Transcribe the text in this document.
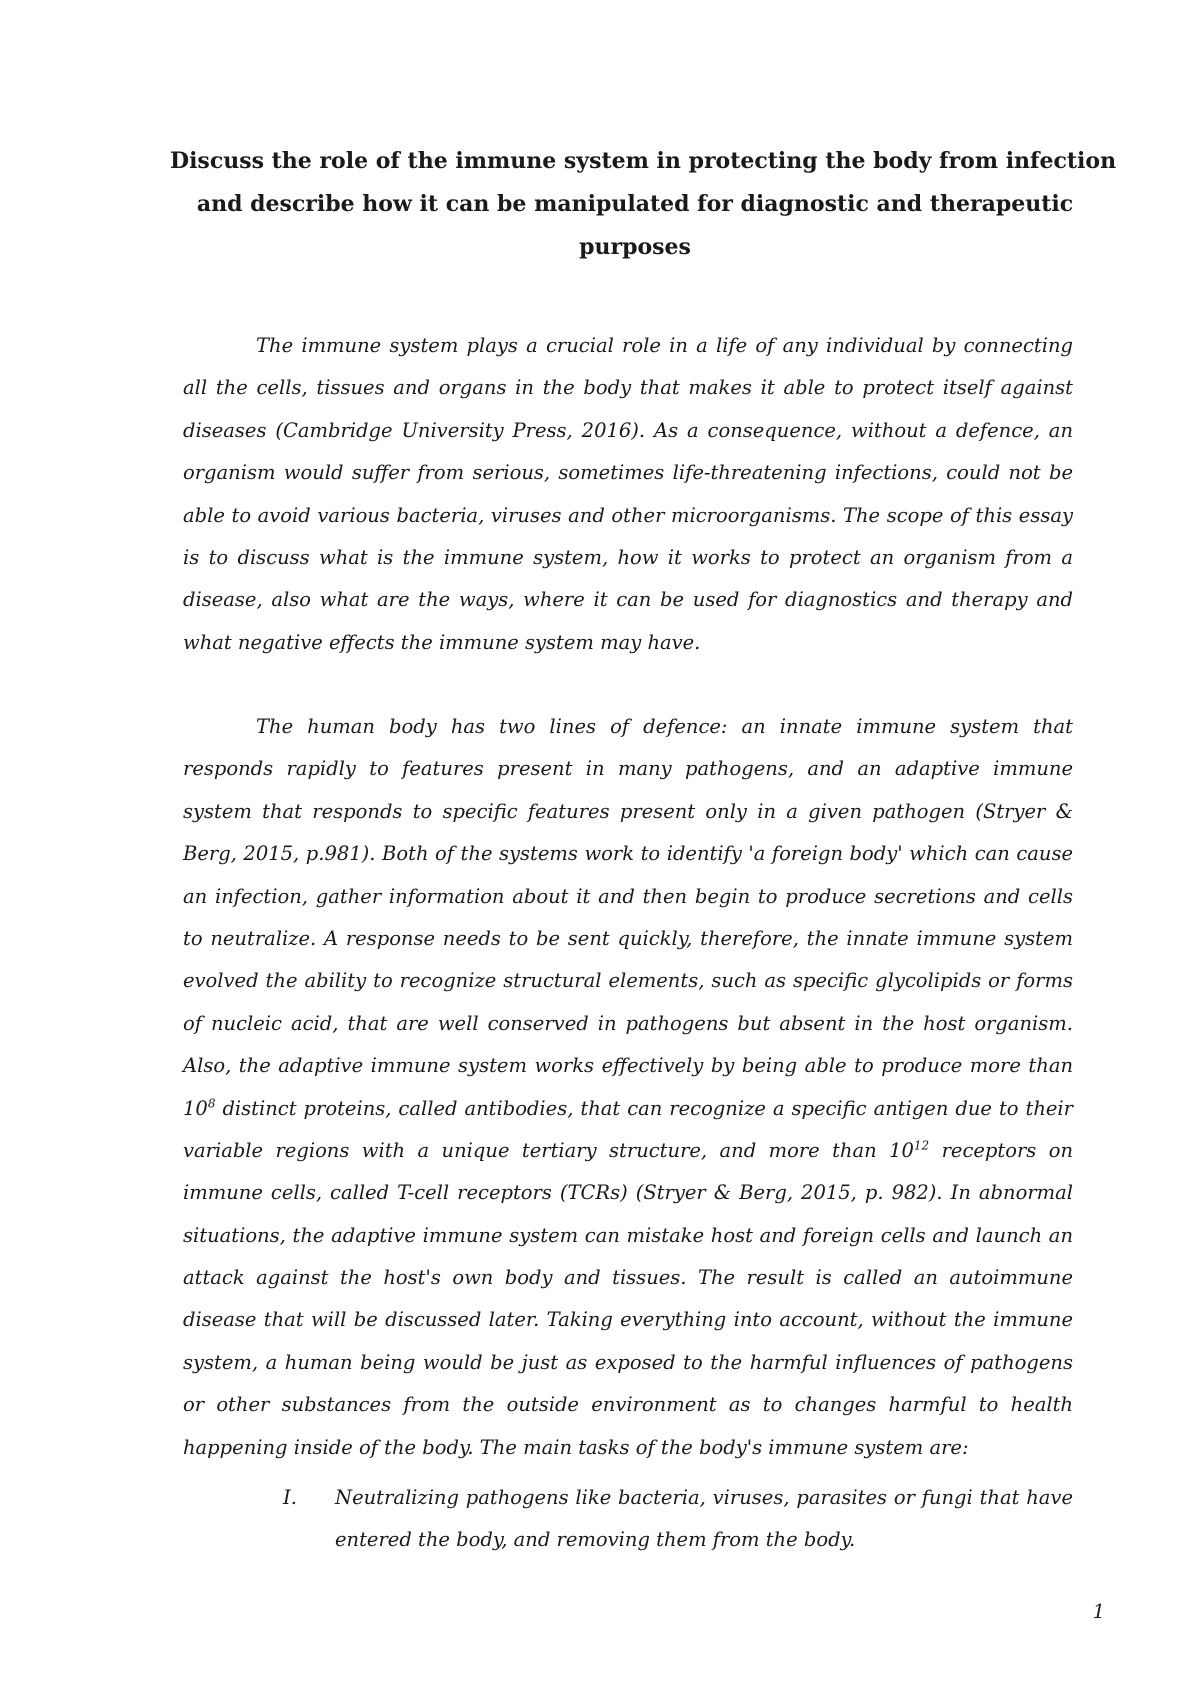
Discuss the role of the immune system in protecting the body from infection
and describe how it can be manipulated for diagnostic and therapeutic
purposes

The immune system plays a crucial role in a life of any individual by connecting
all the cells, tissues and organs in the body that makes it able to protect itself against
diseases (Cambridge University Press, 2016). As a consequence, without a defence, an
organism would suffer from serious, sometimes life-threatening infections, could not be
able to avoid various bacteria, viruses and other microorganisms. The scope of this essay
is to discuss what is the immune system, how it works to protect an organism from a
disease, also what are the ways, where it can be used for diagnostics and therapy and
what negative effects the immune system may have.

The human body has two lines of defence: an innate immune system that
responds rapidly to features present in many pathogens, and an adaptive immune
system that responds to specific features present only in a given pathogen (Stryer &
Berg, 2015, p.981). Both of the systems work to identify 'a foreign body' which can cause
an infection, gather information about it and then begin to produce secretions and cells
to neutralize. A response needs to be sent quickly, therefore, the innate immune system
evolved the ability to recognize structural elements, such as specific glycolipids or forms
of nucleic acid, that are well conserved in pathogens but absent in the host organism.
Also, the adaptive immune system works effectively by being able to produce more than
$10^8$ distinct proteins, called antibodies, that can recognize a specific antigen due to their
variable regions with a unique tertiary structure, and more than $10^{12}$ receptors on
immune cells, called T-cell receptors (TCRs) (Stryer & Berg, 2015, p. 982). In abnormal
situations, the adaptive immune system can mistake host and foreign cells and launch an
attack against the host's own body and tissues. The result is called an autoimmune
disease that will be discussed later. Taking everything into account, without the immune
system, a human being would be just as exposed to the harmful influences of pathogens
or other substances from the outside environment as to changes harmful to health
happening inside of the body. The main tasks of the body's immune system are:

I. Neutralizing pathogens like bacteria, viruses, parasites or fungi that have
entered the body, and removing them from the body.
1
